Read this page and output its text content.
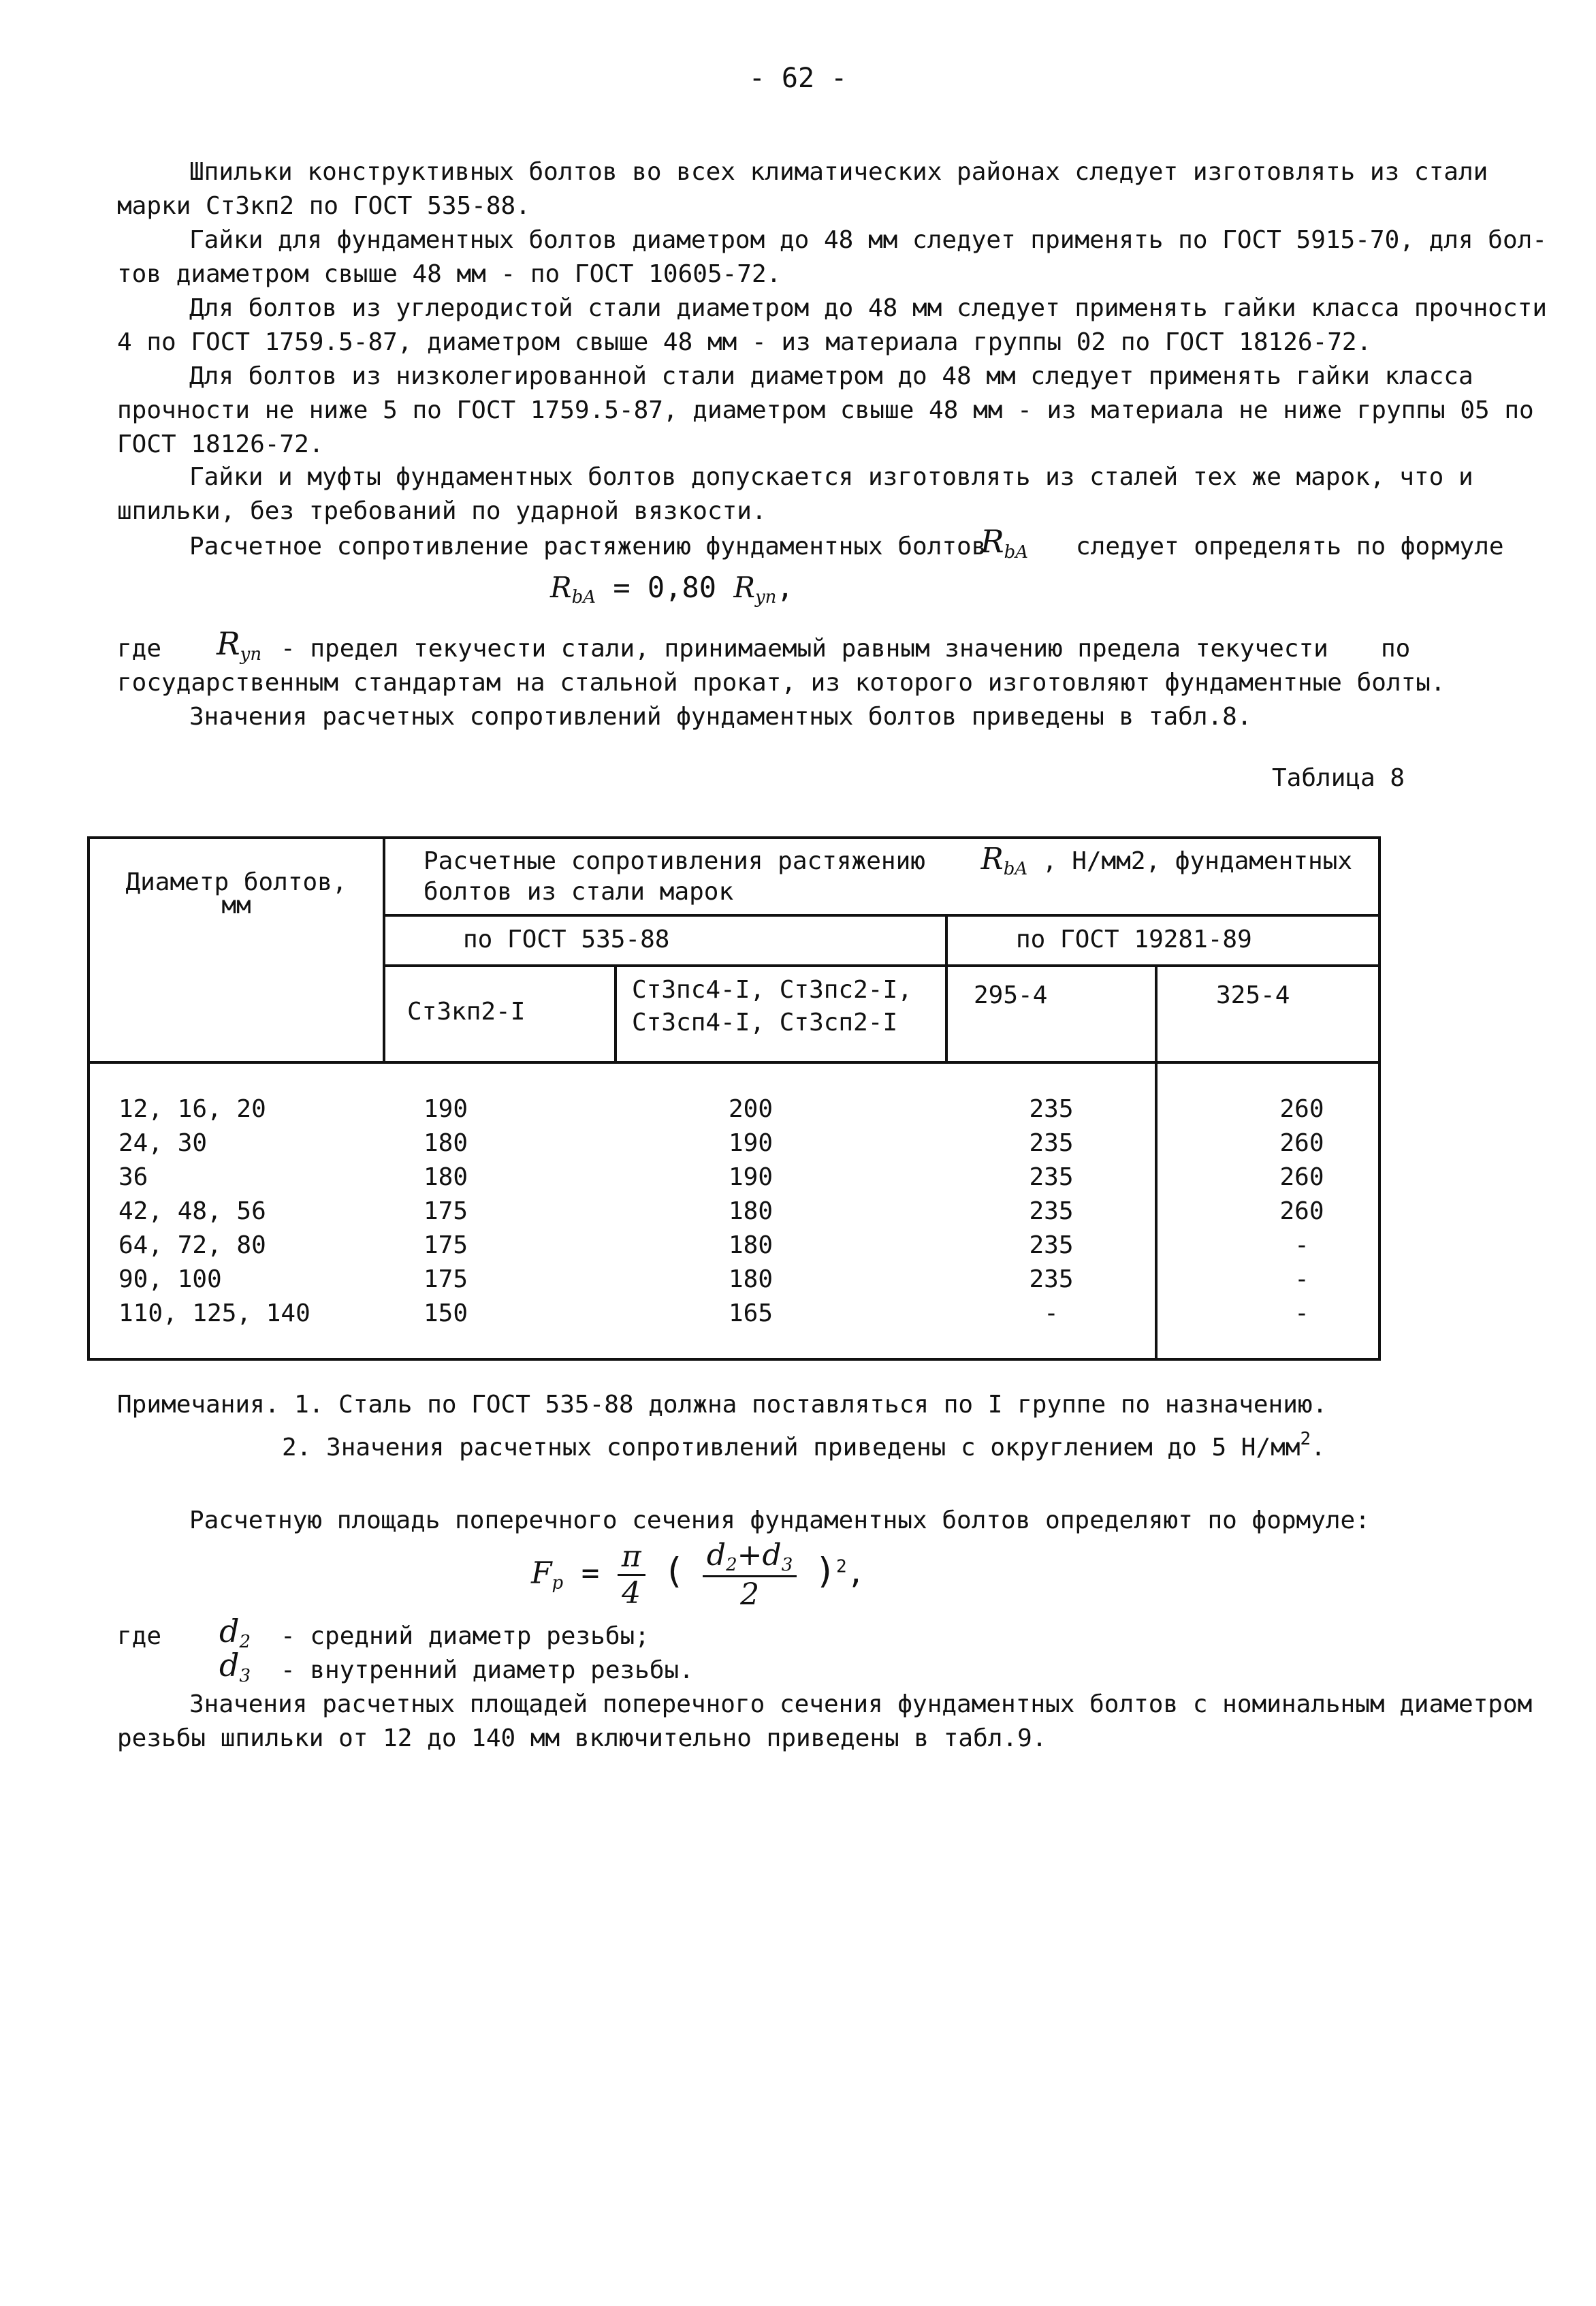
- 62 -
Шпильки конструктивных болтов во всех климатических районах следует изготовлять из стали
марки Ст3кп2 по ГОСТ 535-88.
Гайки для фундаментных болтов диаметром до 48 мм следует применять по ГОСТ 5915-70, для бол-
тов диаметром свыше 48 мм - по ГОСТ 10605-72.
Для болтов из углеродистой стали диаметром до 48 мм следует применять гайки класса прочности
4 по ГОСТ 1759.5-87, диаметром свыше 48 мм - из материала группы 02 по ГОСТ 18126-72.
Для болтов из низколегированной стали диаметром до 48 мм следует применять гайки класса
прочности не ниже 5 по ГОСТ 1759.5-87, диаметром свыше 48 мм - из материала не ниже группы 05 по
ГОСТ 18126-72.
Гайки и муфты фундаментных болтов допускается изготовлять из сталей тех же марок, что и
шпильки, без требований по ударной вязкости.
Расчетное сопротивление растяжению фундаментных болтов
RbA следует определять по формуле
RbA = 0,80 Ryn,
где Ryn - предел текучести стали, принимаемый равным значению предела текучести по
государственным стандартам на стальной прокат, из которого изготовляют фундаментные болты.
Значения расчетных сопротивлений фундаментных болтов приведены в табл.8.
Таблица 8
Диаметр болтов,
мм
Расчетные сопротивления растяжению RbA , Н/мм2, фундаментных
болтов из стали марок
по ГОСТ 535-88	по ГОСТ 19281-89
Ст3кп2-I
Ст3пс4-I, Ст3пс2-I,
Ст3сп4-I, Ст3сп2-I
295-4	325-4
12, 16, 20
24, 30
36
42, 48, 56
64, 72, 80
90, 100
110, 125, 140
190
180
180
175
175
175
150
200
190
190
180
180
180
165
235
235
235
235
235
235
-
260
260
260
260
-
-
-
Примечания. 1. Сталь по ГОСТ 535-88 должна поставляться по I группе по назначению.
2. Значения расчетных сопротивлений приведены с округлением до 5 $Н/мм^2$.
Расчетную площадь поперечного сечения фундаментных болтов определяют по формуле:
$Fp = \frac{\pi}{4}$ ( $\frac{d2+d3}{2} )^2$,
где d2 - средний диаметр резьбы;
d3 - внутренний диаметр резьбы.
Значения расчетных площадей поперечного сечения фундаментных болтов с номинальным диаметром
резьбы шпильки от 12 до 140 мм включительно приведены в табл.9.
